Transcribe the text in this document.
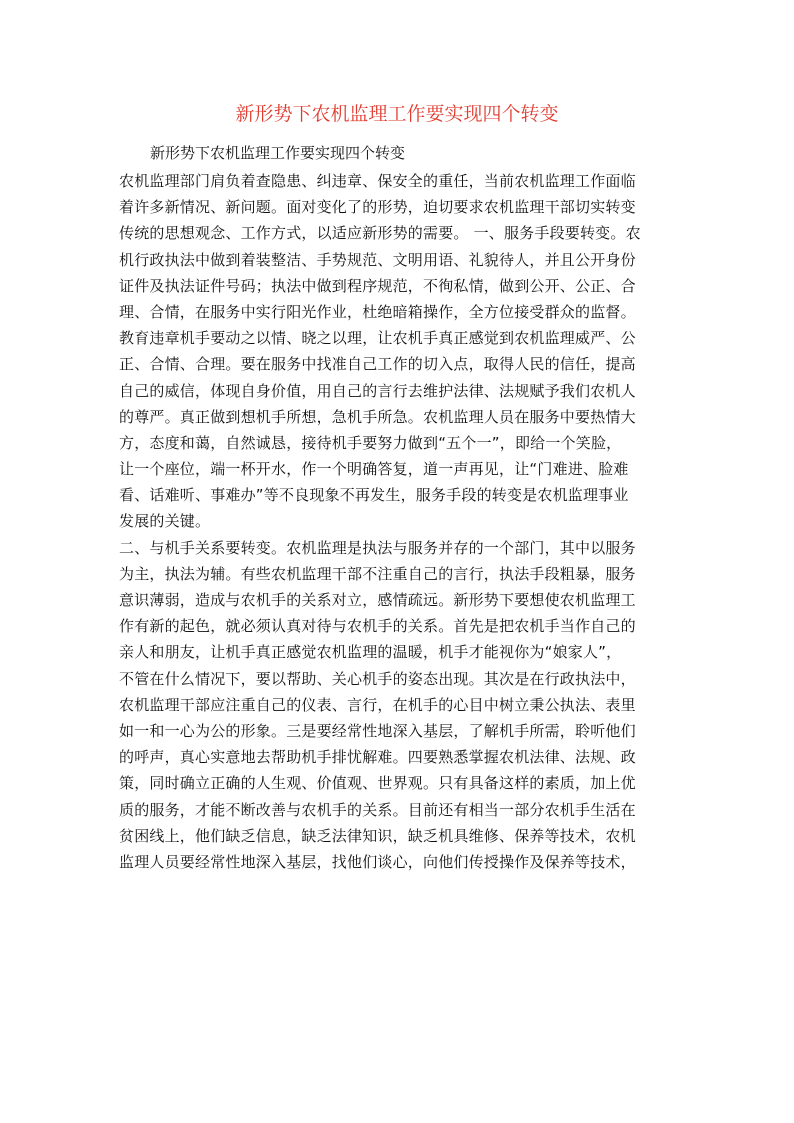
新形势下农机监理工作要实现四个转变

新形势下农机监理工作要实现四个转变

农机监理部门肩负着查隐患、纠违章、保安全的重任，当前农机监理工作面临
着许多新情况、新问题。面对变化了的形势，迫切要求农机监理干部切实转变
传统的思想观念、工作方式，以适应新形势的需要。 一、服务手段要转变。农
机行政执法中做到着装整洁、手势规范、文明用语、礼貌待人，并且公开身份
证件及执法证件号码；执法中做到程序规范，不徇私情，做到公开、公正、合
理、合情，在服务中实行阳光作业，杜绝暗箱操作，全方位接受群众的监督。
教育违章机手要动之以情、晓之以理，让农机手真正感觉到农机监理威严、公
正、合情、合理。要在服务中找准自己工作的切入点，取得人民的信任，提高
自己的威信，体现自身价值，用自己的言行去维护法律、法规赋予我们农机人
的尊严。真正做到想机手所想，急机手所急。农机监理人员在服务中要热情大
方，态度和蔼，自然诚恳，接待机手要努力做到“五个一”，即给一个笑脸，
让一个座位，端一杯开水，作一个明确答复，道一声再见，让“门难进、脸难
看、话难听、事难办”等不良现象不再发生，服务手段的转变是农机监理事业
发展的关键。
二、与机手关系要转变。农机监理是执法与服务并存的一个部门，其中以服务
为主，执法为辅。有些农机监理干部不注重自己的言行，执法手段粗暴，服务
意识薄弱，造成与农机手的关系对立，感情疏远。新形势下要想使农机监理工
作有新的起色，就必须认真对待与农机手的关系。首先是把农机手当作自己的
亲人和朋友，让机手真正感觉农机监理的温暖，机手才能视你为“娘家人”，
不管在什么情况下，要以帮助、关心机手的姿态出现。其次是在行政执法中，
农机监理干部应注重自己的仪表、言行，在机手的心目中树立秉公执法、表里
如一和一心为公的形象。三是要经常性地深入基层，了解机手所需，聆听他们
的呼声，真心实意地去帮助机手排忧解难。四要熟悉掌握农机法律、法规、政
策，同时确立正确的人生观、价值观、世界观。只有具备这样的素质，加上优
质的服务，才能不断改善与农机手的关系。目前还有相当一部分农机手生活在
贫困线上，他们缺乏信息，缺乏法律知识，缺乏机具维修、保养等技术，农机
监理人员要经常性地深入基层，找他们谈心，向他们传授操作及保养等技术，
